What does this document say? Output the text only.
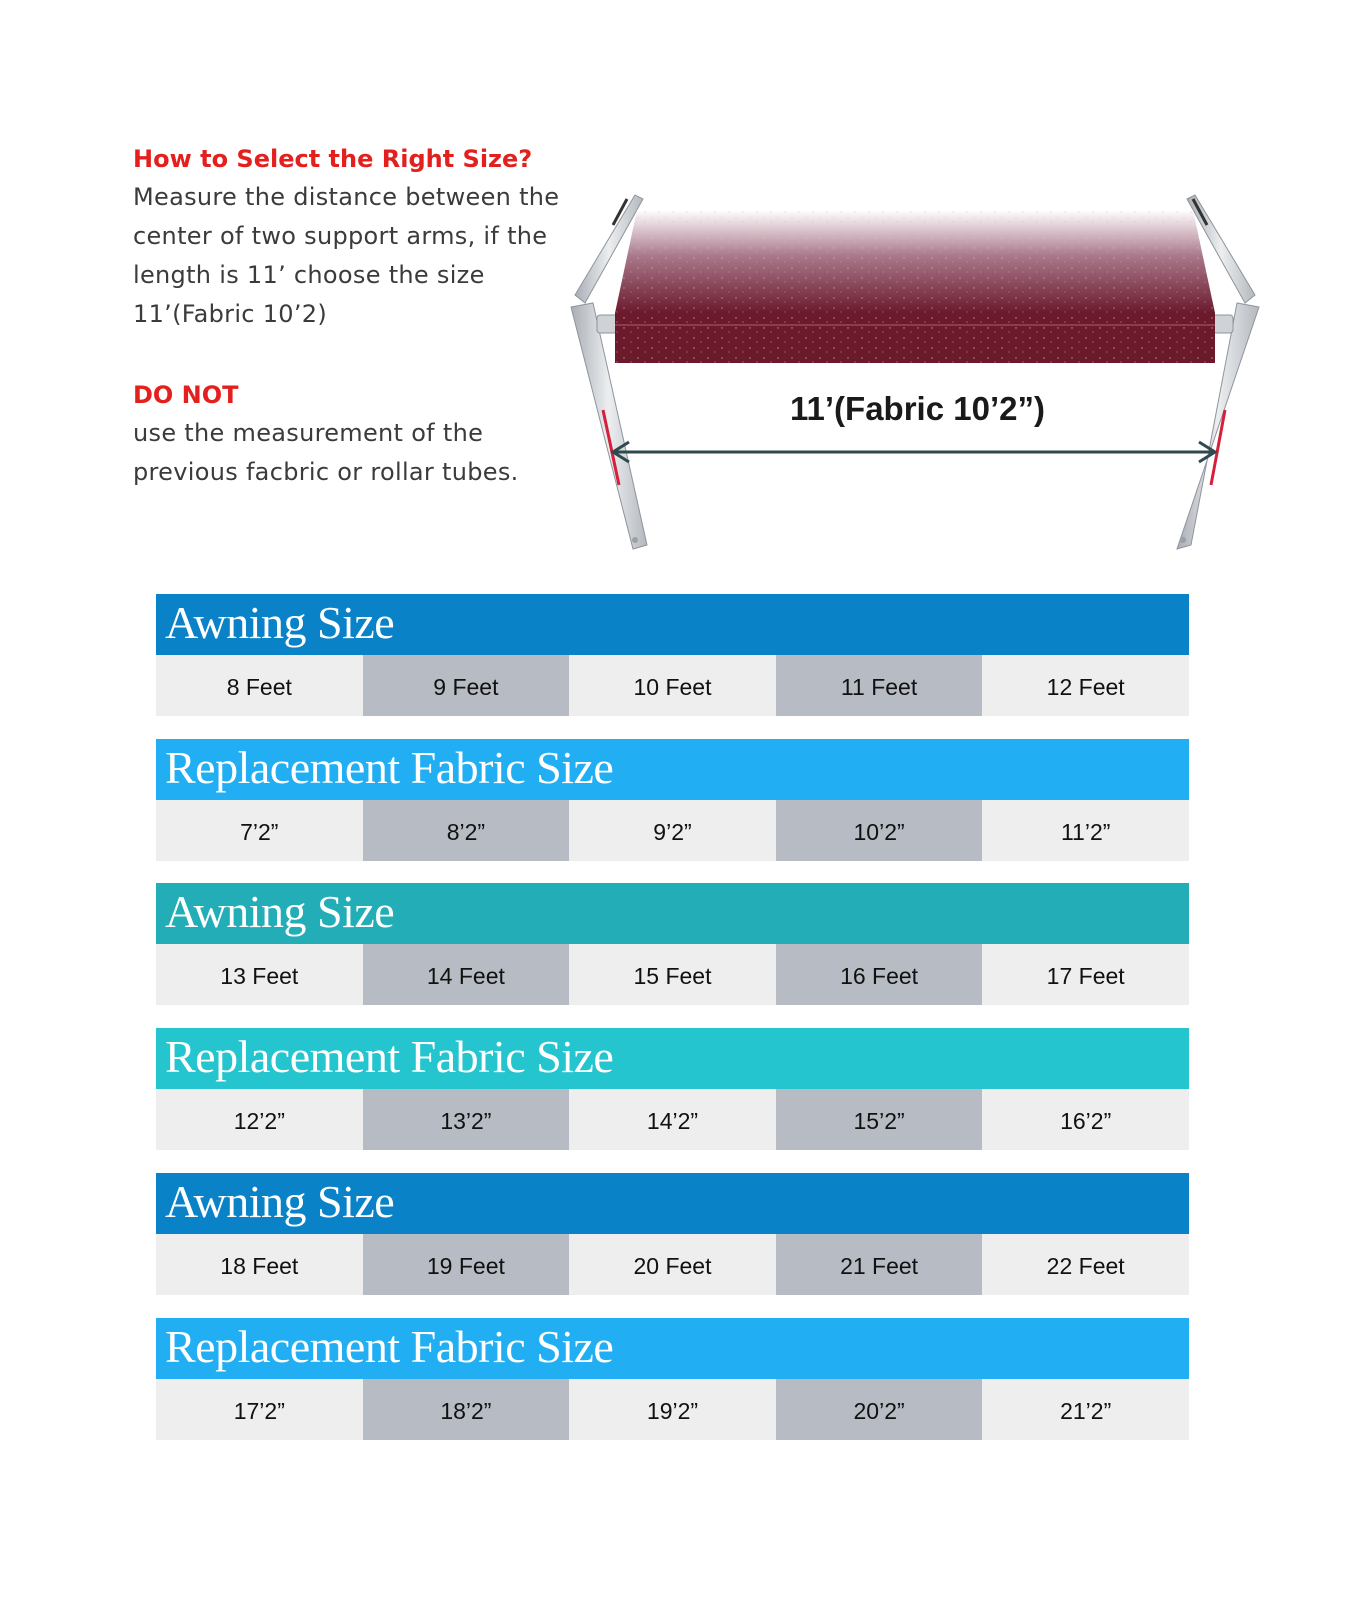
How to Select the Right Size?
Measure the distance between the
center of two support arms, if the
length is 11’ choose the size
11’(Fabric 10’2)
DO NOT
use the measurement of the
previous facbric or rollar tubes.
11’(Fabric 10’2”)
Awning Size
8 Feet	9 Feet	10 Feet	11 Feet	12 Feet
Replacement Fabric Size
7’2”	8’2”	9’2”	10’2”	11’2”
Awning Size
13 Feet	14 Feet	15 Feet	16 Feet	17 Feet
Replacement Fabric Size
12’2”	13’2”	14’2”	15’2”	16’2”
Awning Size
18 Feet	19 Feet	20 Feet	21 Feet	22 Feet
Replacement Fabric Size
17’2”	18’2”	19’2”	20’2”	21’2”
